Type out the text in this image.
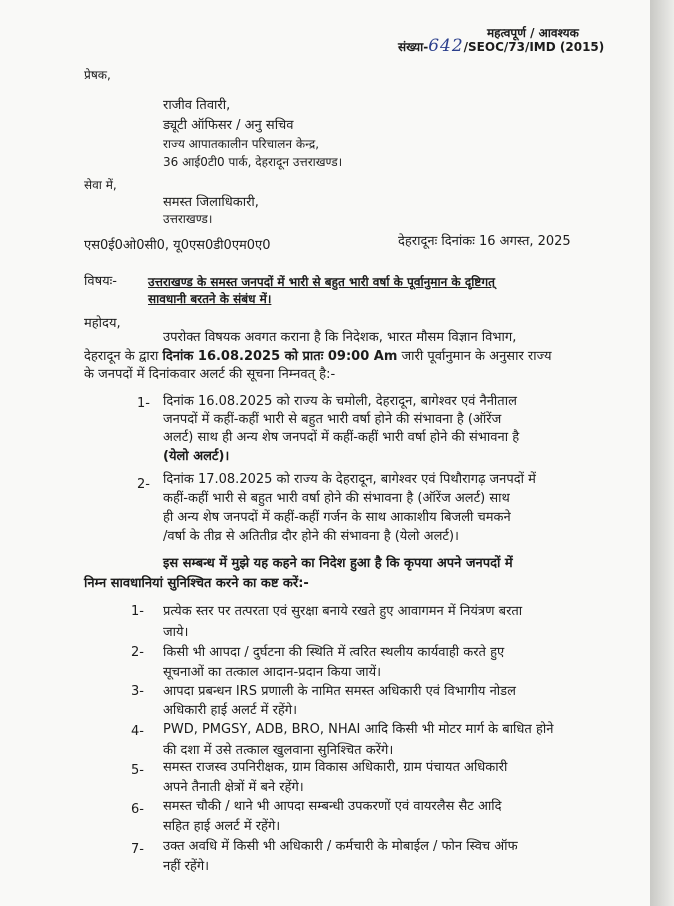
महत्वपूर्ण / आवश्यक
संख्या-642/SEOC/73/IMD (2015)
प्रेषक,
राजीव तिवारी,
ड्यूटी ऑफिसर / अनु सचिव
राज्य आपातकालीन परिचालन केन्द्र,
36 आई0टी0 पार्क, देहरादून उत्तराखण्ड।
सेवा में,
समस्त जिलाधिकारी,
उत्तराखण्ड।
एस0ई0ओ0सी0, यू0एस0डी0एम0ए0	देहरादूनः दिनांकः 16 अगस्त, 2025
विषयः-	उत्तराखण्ड के समस्त जनपदों में भारी से बहुत भारी वर्षा के पूर्वानुमान के दृष्टिगत्
सावधानी बरतने के संबंध में।
महोदय,
उपरोक्त विषयक अवगत कराना है कि निदेशक, भारत मौसम विज्ञान विभाग,
देहरादून के द्वारा दिनांक 16.08.2025 को प्रातः 09:00 Am जारी पूर्वानुमान के अनुसार राज्य
के जनपदों में दिनांकवार अलर्ट की सूचना निम्नवत् है:-
1- दिनांक 16.08.2025 को राज्य के चमोली, देहरादून, बागेश्वर एवं नैनीताल
जनपदों में कहीं-कहीं भारी से बहुत भारी वर्षा होने की संभावना है (ऑरेंज
अलर्ट) साथ ही अन्य शेष जनपदों में कहीं-कहीं भारी वर्षा होने की संभावना है
(येलो अलर्ट)।
2- दिनांक 17.08.2025 को राज्य के देहरादून, बागेश्वर एवं पिथौरागढ़ जनपदों में
कहीं-कहीं भारी से बहुत भारी वर्षा होने की संभावना है (ऑरेंज अलर्ट) साथ
ही अन्य शेष जनपदों में कहीं-कहीं गर्जन के साथ आकाशीय बिजली चमकने
/वर्षा के तीव्र से अतितीव्र दौर होने की संभावना है (येलो अलर्ट)।
इस सम्बन्ध में मुझे यह कहने का निदेश हुआ है कि कृपया अपने जनपदों में
निम्न सावधानियां सुनिश्चित करने का कष्ट करें:-
1- प्रत्येक स्तर पर तत्परता एवं सुरक्षा बनाये रखते हुए आवागमन में नियंत्रण बरता
जाये।
2- किसी भी आपदा / दुर्घटना की स्थिति में त्वरित स्थलीय कार्यवाही करते हुए
सूचनाओं का तत्काल आदान-प्रदान किया जायें।
3- आपदा प्रबन्धन IRS प्रणाली के नामित समस्त अधिकारी एवं विभागीय नोडल
अधिकारी हाई अलर्ट में रहेंगे।
4- PWD, PMGSY, ADB, BRO, NHAI आदि किसी भी मोटर मार्ग के बाधित होने
की दशा में उसे तत्काल खुलवाना सुनिश्चित करेंगे।
5- समस्त राजस्व उपनिरीक्षक, ग्राम विकास अधिकारी, ग्राम पंचायत अधिकारी
अपने तैनाती क्षेत्रों में बने रहेंगे।
6- समस्त चौकी / थाने भी आपदा सम्बन्धी उपकरणों एवं वायरलैस सैट आदि
सहित हाई अलर्ट में रहेंगे।
7- उक्त अवधि में किसी भी अधिकारी / कर्मचारी के मोबाईल / फोन स्विच ऑफ
नहीं रहेंगे।
